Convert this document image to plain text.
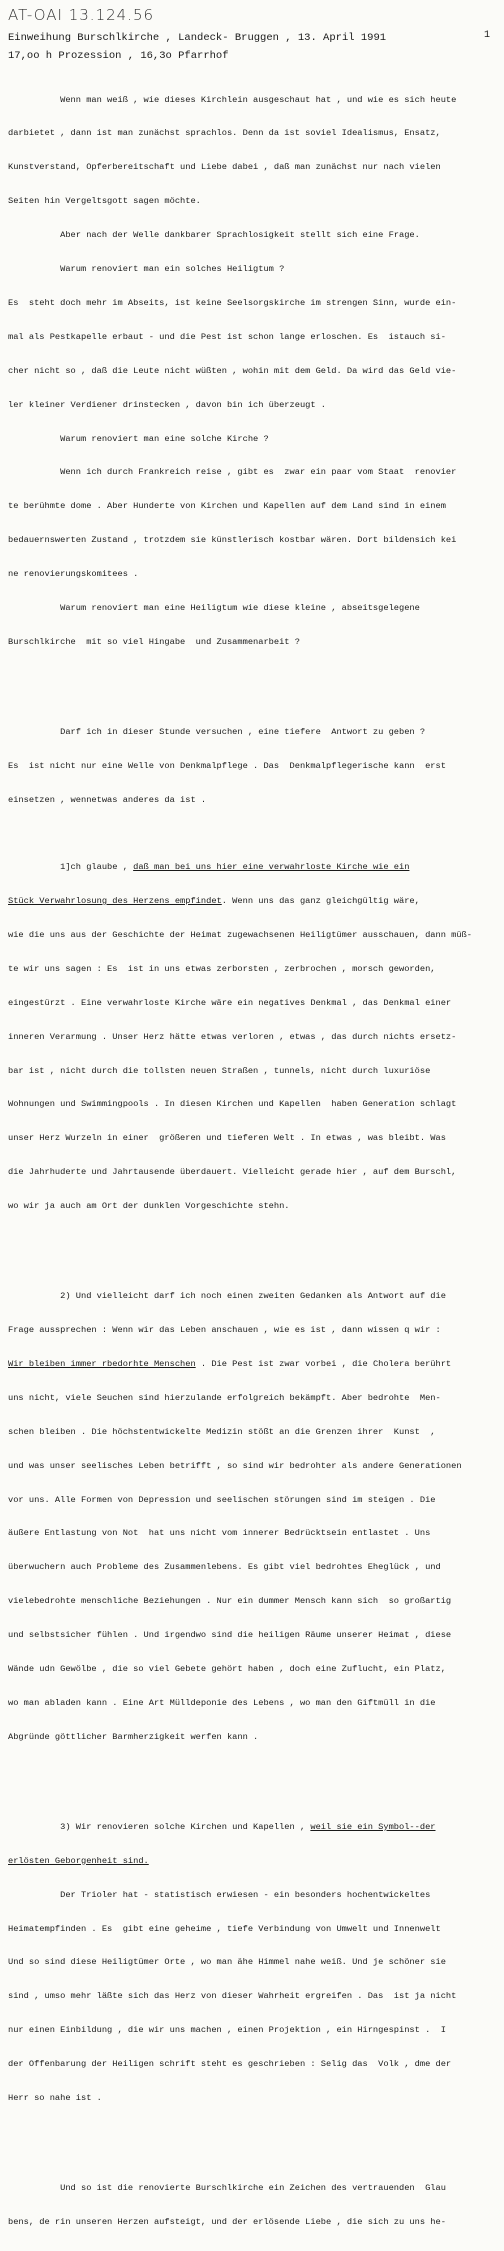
AT-OAI 13.124.56
1
Einweihung Burschlkirche , Landeck- Bruggen , 13. April 1991
17,oo h Prozession , 16,3o Pfarrhof

Wenn man weiß , wie dieses Kirchlein ausgeschaut hat , und wie es sich heute

darbietet , dann ist man zunächst sprachlos. Denn da ist soviel Idealismus, Ensatz,

Kunstverstand, Opferbereitschaft und Liebe dabei , daß man zunächst nur nach vielen

Seiten hin Vergeltsgott sagen möchte.

Aber nach der Welle dankbarer Sprachlosigkeit stellt sich eine Frage.

Warum renoviert man ein solches Heiligtum ?

Es  steht doch mehr im Abseits, ist keine Seelsorgskirche im strengen Sinn, wurde ein-

mal als Pestkapelle erbaut - und die Pest ist schon lange erloschen. Es  istauch si-

cher nicht so , daß die Leute nicht wüßten , wohin mit dem Geld. Da wird das Geld vie-

ler kleiner Verdiener drinstecken , davon bin ich überzeugt .

Warum renoviert man eine solche Kirche ?

Wenn ich durch Frankreich reise , gibt es  zwar ein paar vom Staat  renovier

te berühmte dome . Aber Hunderte von Kirchen und Kapellen auf dem Land sind in einem

bedauernswerten Zustand , trotzdem sie künstlerisch kostbar wären. Dort bildensich kei

ne renovierungskomitees .

Warum renoviert man eine Heiligtum wie diese kleine , abseitsgelegene

Burschlkirche  mit so viel Hingabe  und Zusammenarbeit ?

Darf ich in dieser Stunde versuchen , eine tiefere  Antwort zu geben ?

Es  ist nicht nur eine Welle von Denkmalpflege . Das  Denkmalpflegerische kann  erst

einsetzen , wennetwas anderes da ist .

1]ch glaube , daß man bei uns hier eine verwahrloste Kirche wie ein

Stück Verwahrlosung des Herzens empfindet. Wenn uns das ganz gleichgültig wäre,

wie die uns aus der Geschichte der Heimat zugewachsenen Heiligtümer ausschauen, dann müß-

te wir uns sagen : Es  ist in uns etwas zerborsten , zerbrochen , morsch geworden,

eingestürzt . Eine verwahrloste Kirche wäre ein negatives Denkmal , das Denkmal einer

inneren Verarmung . Unser Herz hätte etwas verloren , etwas , das durch nichts ersetz-

bar ist , nicht durch die tollsten neuen Straßen , tunnels, nicht durch luxuriöse

Wohnungen und Swimmingpools . In diesen Kirchen und Kapellen  haben Generation schlagt

unser Herz Wurzeln in einer  größeren und tieferen Welt . In etwas , was bleibt. Was

die Jahrhuderte und Jahrtausende überdauert. Vielleicht gerade hier , auf dem Burschl,

wo wir ja auch am Ort der dunklen Vorgeschichte stehn.

2) Und vielleicht darf ich noch einen zweiten Gedanken als Antwort auf die

Frage aussprechen : Wenn wir das Leben anschauen , wie es ist , dann wissen q wir :

Wir bleiben immer rbedorhte Menschen . Die Pest ist zwar vorbei , die Cholera berührt

uns nicht, viele Seuchen sind hierzulande erfolgreich bekämpft. Aber bedrohte  Men-

schen bleiben . Die höchstentwickelte Medizin stößt an die Grenzen ihrer  Kunst  ,

und was unser seelisches Leben betrifft , so sind wir bedrohter als andere Generationen

vor uns. Alle Formen von Depression und seelischen störungen sind im steigen . Die

äußere Entlastung von Not  hat uns nicht vom innerer Bedrücktsein entlastet . Uns

überwuchern auch Probleme des Zusammenlebens. Es gibt viel bedrohtes Eheglück , und

vielebedrohte menschliche Beziehungen . Nur ein dummer Mensch kann sich  so großartig

und selbstsicher fühlen . Und irgendwo sind die heiligen Räume unserer Heimat , diese

Wände udn Gewölbe , die so viel Gebete gehört haben , doch eine Zuflucht, ein Platz,

wo man abladen kann . Eine Art Mülldeponie des Lebens , wo man den Giftmüll in die

Abgründe göttlicher Barmherzigkeit werfen kann .

3) Wir renovieren solche Kirchen und Kapellen , weil sie ein Symbol--der

erlösten Geborgenheit sind.

Der Trioler hat - statistisch erwiesen - ein besonders hochentwickeltes

Heimatempfinden . Es  gibt eine geheime , tiefe Verbindung von Umwelt und Innenwelt

Und so sind diese Heiligtümer Orte , wo man ähe Himmel nahe weiß. Und je schöner sie

sind , umso mehr läßte sich das Herz von dieser Wahrheit ergreifen . Das  ist ja nicht

nur einen Einbildung , die wir uns machen , einen Projektion , ein Hirngespinst .  I

der Offenbarung der Heiligen schrift steht es geschrieben : Selig das  Volk , dme der

Herr so nahe ist .

Und so ist die renovierte Burschlkirche ein Zeichen des vertrauenden  Glau

bens, de rin unseren Herzen aufsteigt, und der erlösende Liebe , die sich zu uns he-
